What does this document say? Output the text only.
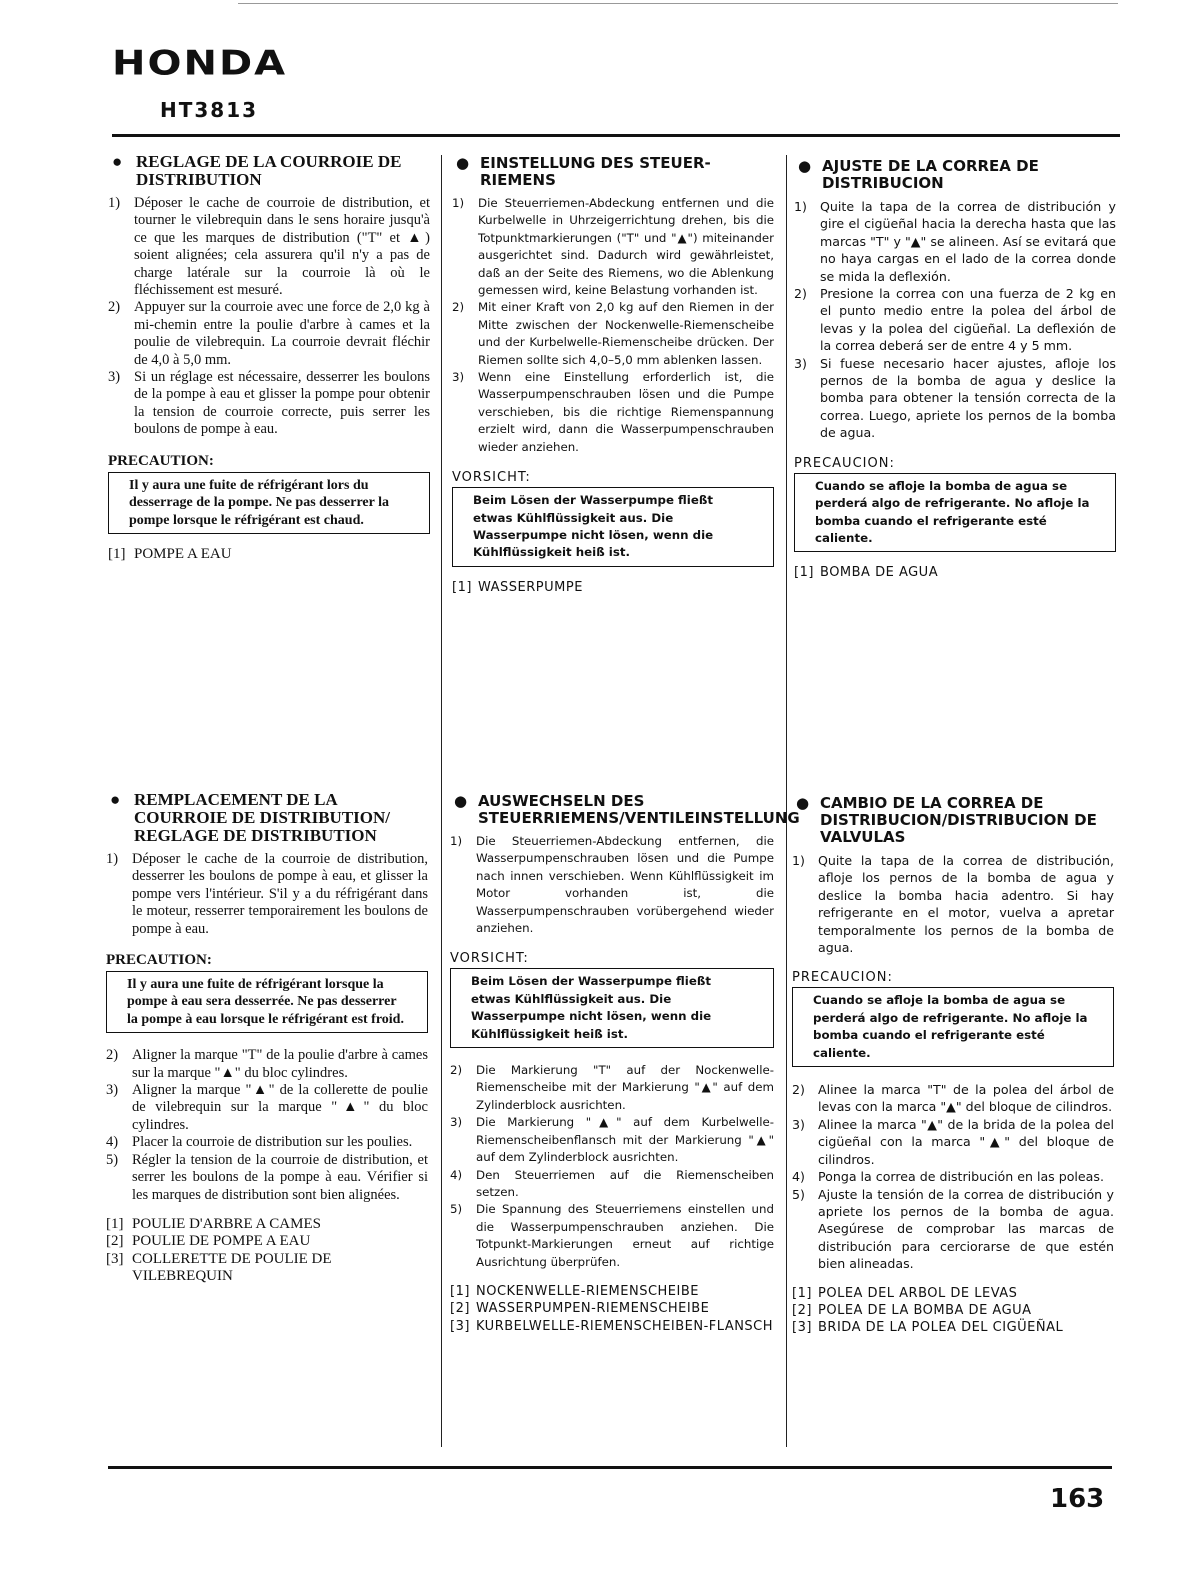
HONDA
HT3813
● REGLAGE DE LA COURROIE DE DISTRIBUTION
1) Déposer le cache de courroie de distribution, et tourner le vilebrequin dans le sens horaire jusqu'à ce que les marques de distribution ("T" et ▲) soient alignées; cela assurera qu'il n'y a pas de charge latérale sur la courroie là où le fléchissement est mesuré.
2) Appuyer sur la courroie avec une force de 2,0 kg à mi-chemin entre la poulie d'arbre à cames et la poulie de vilebrequin. La courroie devrait fléchir de 4,0 à 5,0 mm.
3) Si un réglage est nécessaire, desserrer les boulons de la pompe à eau et glisser la pompe pour obtenir la tension de courroie correcte, puis serrer les boulons de pompe à eau.
PRECAUTION:
Il y aura une fuite de réfrigérant lors du desserrage de la pompe. Ne pas desserrer la pompe lorsque le réfrigérant est chaud.
[1] POMPE A EAU
● EINSTELLUNG DES STEUER-RIEMENS
1) Die Steuerriemen-Abdeckung entfernen und die Kurbelwelle in Uhrzeigerrichtung drehen, bis die Totpunktmarkierungen ("T" und "▲") miteinander ausgerichtet sind. Dadurch wird gewährleistet, daß an der Seite des Riemens, wo die Ablenkung gemessen wird, keine Belastung vorhanden ist.
2) Mit einer Kraft von 2,0 kg auf den Riemen in der Mitte zwischen der Nockenwelle-Riemenscheibe und der Kurbelwelle-Riemenscheibe drücken. Der Riemen sollte sich 4,0–5,0 mm ablenken lassen.
3) Wenn eine Einstellung erforderlich ist, die Wasserpumpenschrauben lösen und die Pumpe verschieben, bis die richtige Riemenspannung erzielt wird, dann die Wasserpumpenschrauben wieder anziehen.
VORSICHT:
Beim Lösen der Wasserpumpe fließt etwas Kühlflüssigkeit aus. Die Wasserpumpe nicht lösen, wenn die Kühlflüssigkeit heiß ist.
[1] WASSERPUMPE
● AJUSTE DE LA CORREA DE DISTRIBUCION
1) Quite la tapa de la correa de distribución y gire el cigüeñal hacia la derecha hasta que las marcas "T" y "▲" se alineen. Así se evitará que no haya cargas en el lado de la correa donde se mida la deflexión.
2) Presione la correa con una fuerza de 2 kg en el punto medio entre la polea del árbol de levas y la polea del cigüeñal. La deflexión de la correa deberá ser de entre 4 y 5 mm.
3) Si fuese necesario hacer ajustes, afloje los pernos de la bomba de agua y deslice la bomba para obtener la tensión correcta de la correa. Luego, apriete los pernos de la bomba de agua.
PRECAUCION:
Cuando se afloje la bomba de agua se perderá algo de refrigerante. No afloje la bomba cuando el refrigerante esté caliente.
[1] BOMBA DE AGUA
● REMPLACEMENT DE LA COURROIE DE DISTRIBUTION/ REGLAGE DE DISTRIBUTION
1) Déposer le cache de la courroie de distribution, desserrer les boulons de pompe à eau, et glisser la pompe vers l'intérieur. S'il y a du réfrigérant dans le moteur, resserrer temporairement les boulons de pompe à eau.
PRECAUTION:
Il y aura une fuite de réfrigérant lorsque la pompe à eau sera desserrée. Ne pas desserrer la pompe à eau lorsque le réfrigérant est froid.
2) Aligner la marque "T" de la poulie d'arbre à cames sur la marque "▲" du bloc cylindres.
3) Aligner la marque "▲" de la collerette de poulie de vilebrequin sur la marque "▲" du bloc cylindres.
4) Placer la courroie de distribution sur les poulies.
5) Régler la tension de la courroie de distribution, et serrer les boulons de la pompe à eau. Vérifier si les marques de distribution sont bien alignées.
[1] POULIE D'ARBRE A CAMES
[2] POULIE DE POMPE A EAU
[3] COLLERETTE DE POULIE DE VILEBREQUIN
● AUSWECHSELN DES STEUERRIEMENS/VENTILEINSTELLUNG
1) Die Steuerriemen-Abdeckung entfernen, die Wasserpumpenschrauben lösen und die Pumpe nach innen verschieben. Wenn Kühlflüssigkeit im Motor vorhanden ist, die Wasserpumpenschrauben vorübergehend wieder anziehen.
VORSICHT:
Beim Lösen der Wasserpumpe fließt etwas Kühlflüssigkeit aus. Die Wasserpumpe nicht lösen, wenn die Kühlflüssigkeit heiß ist.
2) Die Markierung "T" auf der Nockenwelle-Riemenscheibe mit der Markierung "▲" auf dem Zylinderblock ausrichten.
3) Die Markierung "▲" auf dem Kurbelwelle-Riemenscheibenflansch mit der Markierung "▲" auf dem Zylinderblock ausrichten.
4) Den Steuerriemen auf die Riemenscheiben setzen.
5) Die Spannung des Steuerriemens einstellen und die Wasserpumpenschrauben anziehen. Die Totpunkt-Markierungen erneut auf richtige Ausrichtung überprüfen.
[1] NOCKENWELLE-RIEMENSCHEIBE
[2] WASSERPUMPEN-RIEMENSCHEIBE
[3] KURBELWELLE-RIEMENSCHEIBEN-FLANSCH
● CAMBIO DE LA CORREA DE DISTRIBUCION/DISTRIBUCION DE VALVULAS
1) Quite la tapa de la correa de distribución, afloje los pernos de la bomba de agua y deslice la bomba hacia adentro. Si hay refrigerante en el motor, vuelva a apretar temporalmente los pernos de la bomba de agua.
PRECAUCION:
Cuando se afloje la bomba de agua se perderá algo de refrigerante. No afloje la bomba cuando el refrigerante esté caliente.
2) Alinee la marca "T" de la polea del árbol de levas con la marca "▲" del bloque de cilindros.
3) Alinee la marca "▲" de la brida de la polea del cigüeñal con la marca "▲" del bloque de cilindros.
4) Ponga la correa de distribución en las poleas.
5) Ajuste la tensión de la correa de distribución y apriete los pernos de la bomba de agua. Asegúrese de comprobar las marcas de distribución para cerciorarse de que estén bien alineadas.
[1] POLEA DEL ARBOL DE LEVAS
[2] POLEA DE LA BOMBA DE AGUA
[3] BRIDA DE LA POLEA DEL CIGÜEÑAL
163
